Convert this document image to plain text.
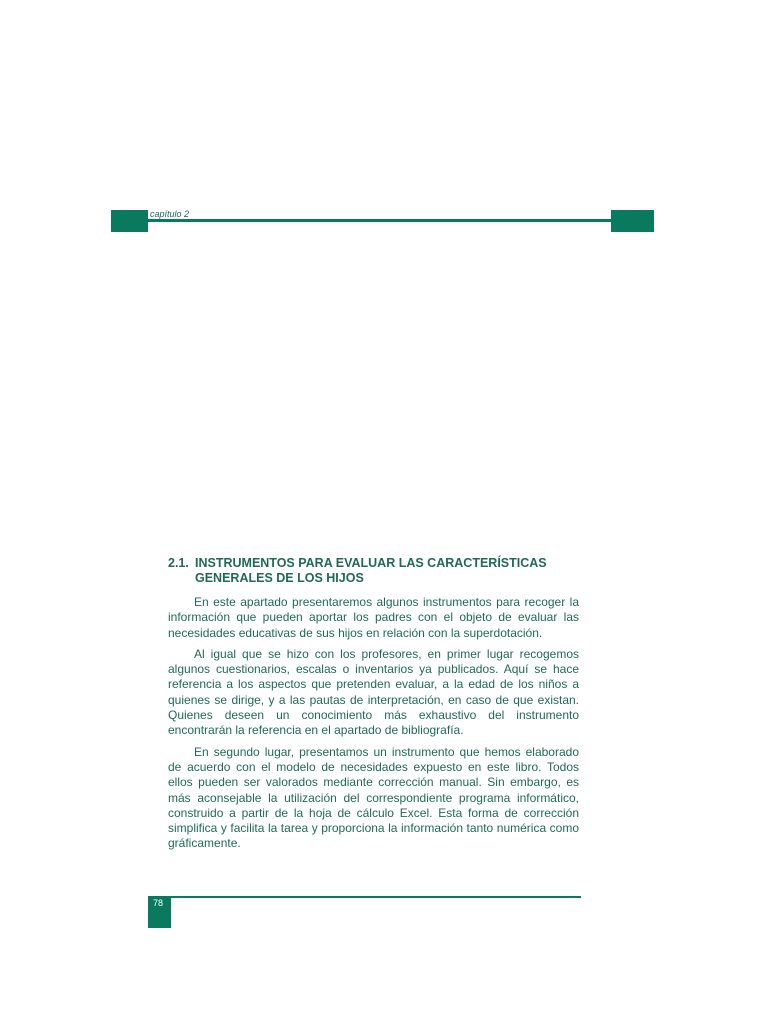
capítulo 2
2.1. INSTRUMENTOS PARA EVALUAR LAS CARACTERÍSTICAS GENERALES DE LOS HIJOS

En este apartado presentaremos algunos instrumentos para recoger la información que pueden aportar los padres con el objeto de evaluar las necesidades educativas de sus hijos en relación con la superdotación.

Al igual que se hizo con los profesores, en primer lugar recogemos algunos cuestionarios, escalas o inventarios ya publicados. Aquí se hace referencia a los aspectos que pretenden evaluar, a la edad de los niños a quienes se dirige, y a las pautas de interpretación, en caso de que existan. Quienes deseen un conocimiento más exhaustivo del instrumento encontrarán la referencia en el apartado de bibliografía.

En segundo lugar, presentamos un instrumento que hemos elaborado de acuerdo con el modelo de necesidades expuesto en este libro. Todos ellos pueden ser valorados mediante corrección manual. Sin embargo, es más aconsejable la utilización del correspondiente programa informático, construido a partir de la hoja de cálculo Excel. Esta forma de corrección simplifica y facilita la tarea y proporciona la información tanto numérica como gráficamente.

78
